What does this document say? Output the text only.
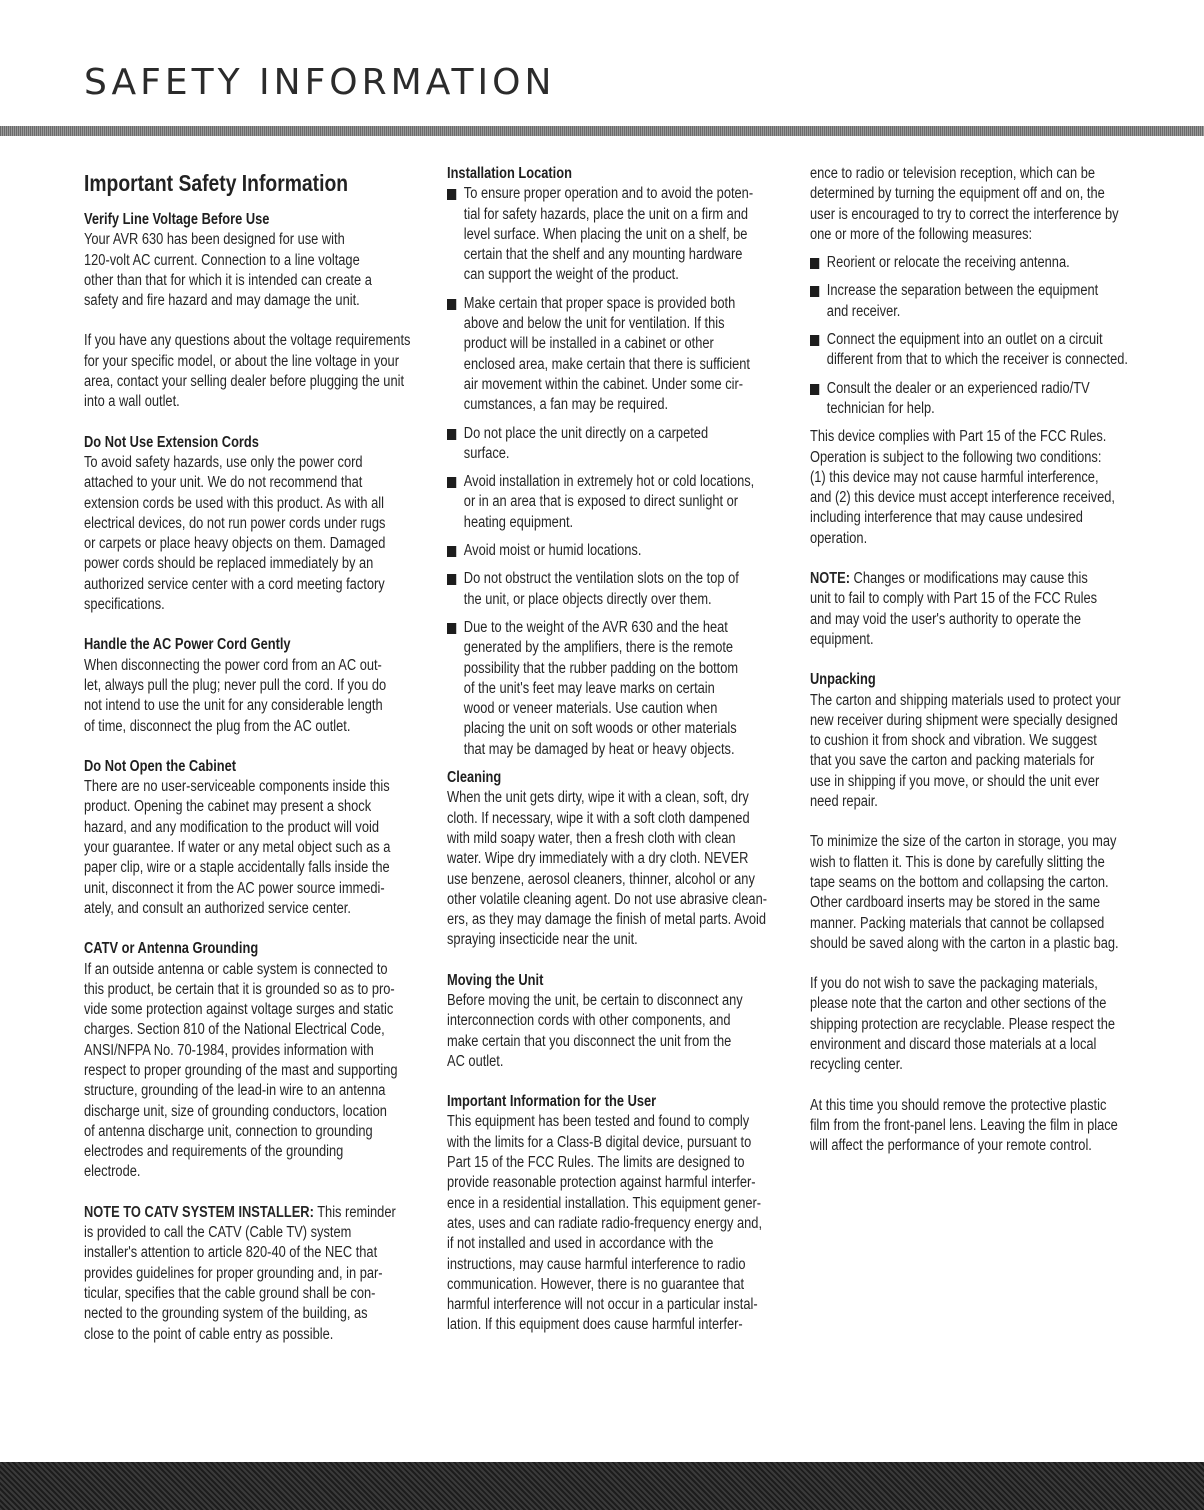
SAFETY INFORMATION
Important Safety Information
Verify Line Voltage Before Use
Your AVR 630 has been designed for use with
120-volt AC current. Connection to a line voltage
other than that for which it is intended can create a
safety and fire hazard and may damage the unit.
If you have any questions about the voltage requirements
for your specific model, or about the line voltage in your
area, contact your selling dealer before plugging the unit
into a wall outlet.
Do Not Use Extension Cords
To avoid safety hazards, use only the power cord
attached to your unit. We do not recommend that
extension cords be used with this product. As with all
electrical devices, do not run power cords under rugs
or carpets or place heavy objects on them. Damaged
power cords should be replaced immediately by an
authorized service center with a cord meeting factory
specifications.
Handle the AC Power Cord Gently
When disconnecting the power cord from an AC out-
let, always pull the plug; never pull the cord. If you do
not intend to use the unit for any considerable length
of time, disconnect the plug from the AC outlet.
Do Not Open the Cabinet
There are no user-serviceable components inside this
product. Opening the cabinet may present a shock
hazard, and any modification to the product will void
your guarantee. If water or any metal object such as a
paper clip, wire or a staple accidentally falls inside the
unit, disconnect it from the AC power source immedi-
ately, and consult an authorized service center.
CATV or Antenna Grounding
If an outside antenna or cable system is connected to
this product, be certain that it is grounded so as to pro-
vide some protection against voltage surges and static
charges. Section 810 of the National Electrical Code,
ANSI/NFPA No. 70-1984, provides information with
respect to proper grounding of the mast and supporting
structure, grounding of the lead-in wire to an antenna
discharge unit, size of grounding conductors, location
of antenna discharge unit, connection to grounding
electrodes and requirements of the grounding
electrode.
NOTE TO CATV SYSTEM INSTALLER: This reminder
is provided to call the CATV (Cable TV) system
installer's attention to article 820-40 of the NEC that
provides guidelines for proper grounding and, in par-
ticular, specifies that the cable ground shall be con-
nected to the grounding system of the building, as
close to the point of cable entry as possible.
Installation Location
To ensure proper operation and to avoid the poten-
tial for safety hazards, place the unit on a firm and
level surface. When placing the unit on a shelf, be
certain that the shelf and any mounting hardware
can support the weight of the product.
Make certain that proper space is provided both
above and below the unit for ventilation. If this
product will be installed in a cabinet or other
enclosed area, make certain that there is sufficient
air movement within the cabinet. Under some cir-
cumstances, a fan may be required.
Do not place the unit directly on a carpeted
surface.
Avoid installation in extremely hot or cold locations,
or in an area that is exposed to direct sunlight or
heating equipment.
Avoid moist or humid locations.
Do not obstruct the ventilation slots on the top of
the unit, or place objects directly over them.
Due to the weight of the AVR 630 and the heat
generated by the amplifiers, there is the remote
possibility that the rubber padding on the bottom
of the unit's feet may leave marks on certain
wood or veneer materials. Use caution when
placing the unit on soft woods or other materials
that may be damaged by heat or heavy objects.
Cleaning
When the unit gets dirty, wipe it with a clean, soft, dry
cloth. If necessary, wipe it with a soft cloth dampened
with mild soapy water, then a fresh cloth with clean
water. Wipe dry immediately with a dry cloth. NEVER
use benzene, aerosol cleaners, thinner, alcohol or any
other volatile cleaning agent. Do not use abrasive clean-
ers, as they may damage the finish of metal parts. Avoid
spraying insecticide near the unit.
Moving the Unit
Before moving the unit, be certain to disconnect any
interconnection cords with other components, and
make certain that you disconnect the unit from the
AC outlet.
Important Information for the User
This equipment has been tested and found to comply
with the limits for a Class-B digital device, pursuant to
Part 15 of the FCC Rules. The limits are designed to
provide reasonable protection against harmful interfer-
ence in a residential installation. This equipment gener-
ates, uses and can radiate radio-frequency energy and,
if not installed and used in accordance with the
instructions, may cause harmful interference to radio
communication. However, there is no guarantee that
harmful interference will not occur in a particular instal-
lation. If this equipment does cause harmful interfer-
ence to radio or television reception, which can be
determined by turning the equipment off and on, the
user is encouraged to try to correct the interference by
one or more of the following measures:
Reorient or relocate the receiving antenna.
Increase the separation between the equipment
and receiver.
Connect the equipment into an outlet on a circuit
different from that to which the receiver is connected.
Consult the dealer or an experienced radio/TV
technician for help.
This device complies with Part 15 of the FCC Rules.
Operation is subject to the following two conditions:
(1) this device may not cause harmful interference,
and (2) this device must accept interference received,
including interference that may cause undesired
operation.
NOTE: Changes or modifications may cause this
unit to fail to comply with Part 15 of the FCC Rules
and may void the user's authority to operate the
equipment.
Unpacking
The carton and shipping materials used to protect your
new receiver during shipment were specially designed
to cushion it from shock and vibration. We suggest
that you save the carton and packing materials for
use in shipping if you move, or should the unit ever
need repair.
To minimize the size of the carton in storage, you may
wish to flatten it. This is done by carefully slitting the
tape seams on the bottom and collapsing the carton.
Other cardboard inserts may be stored in the same
manner. Packing materials that cannot be collapsed
should be saved along with the carton in a plastic bag.
If you do not wish to save the packaging materials,
please note that the carton and other sections of the
shipping protection are recyclable. Please respect the
environment and discard those materials at a local
recycling center.
At this time you should remove the protective plastic
film from the front-panel lens. Leaving the film in place
will affect the performance of your remote control.
